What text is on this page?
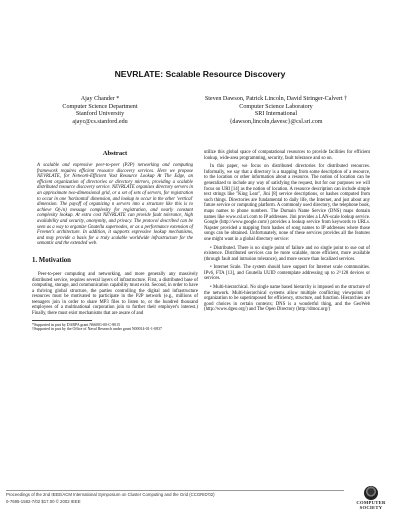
NEVRLATE: Scalable Resource Discovery
Ajay Chander *
Computer Science Department
Stanford University
ajayc@cs.stanford.edu
Steven Dawson, Patrick Lincoln, David Stringer-Calvert †
Computer Science Laboratory
SRI International
{dawson,lincoln,davesc}@csl.sri.com
Abstract
A scalable and expressive peer-to-peer (P2P) networking and computing framework requires efficient resource discovery services. Here we propose NEVRLATE, for Network-Efficient Vast Resource Lookup At The Edge, an efficient organization of directories or directory mirrors, providing a scalable distributed resource discovery service. NEVRLATE organizes directory servers in an approximate two-dimensional grid, or a set of sets of servers, for registration to occur in one 'horizontal' dimension, and lookup to occur in the other 'vertical' dimension. The payoff of organizing n servers into a structure like this is to achieve O(√n) message complexity for registration, and nearly constant complexity lookup. At extra cost NEVRLATE can provide fault tolerance, high availability and security, anonymity, and privacy. The protocol described can be seen as a way to organize Gnutella supernodes, or as a performance extension of Freenet's architecture. In addition, it supports expressive lookup mechanisms, and may provide a basis for a truly scalable worldwide infrastructure for the semantic and the extended web.
1. Motivation

Peer-to-peer computing and networking, and more generally any massively distributed service, requires several layers of infrastructure. First, a distributed base of computing, storage, and communication capability must exist. Second, in order to have a thriving global structure, the parties controlling the digital and infrastructure resources must be motivated to participate in the P2P network (e.g., millions of teenagers join in order to share MP3 files to listen to, or the hundred thousand employees of a multinational corporation join to further their employer's interest.) Finally, there must exist mechanisms that are aware of and

*Supported in part by DARPA grant N66001-00-C-8015
†Supported in part by the Office of Naval Research under grant N00014-01-1-0837

utilize this global space of computational resources to provide facilities for efficient lookup, wide-area programming, security, fault tolerance and so on.

In this paper, we focus on distributed directories for distributed resources. Informally, we say that a directory is a mapping from some description of a resource, to the location or other information about a resource. The notion of location can be generalized to include any way of satisfying the request, but for our purposes we will focus on URI [14] as the notion of location. A resource description can include simple text strings like "King Lear", Jini [8] service descriptions, or hashes computed from such things. Directories are fundamental to daily life, the Internet, and just about any future service or computing platform. A commonly used directory, the telephone book, maps names to phone numbers. The Domain Name Service (DNS) maps domain names like www.csl.sri.com to IP addresses. Jini provides a LAN-scale lookup service. Google (http://www.google.com/) provides a lookup service from keywords to URLs. Napster provided a mapping from hashes of song names to IP addresses where those songs can be obtained. Unfortunately, none of these services provides all the features one might want in a global directory service:

• Distributed. There is no single point of failure and no single point to sue out of existence. Distributed services can be more scalable, more efficient, more available (through fault and intrusion tolerance), and more secure than localized services.

• Internet Scale. The system should have support for Internet scale communities. IPv6, FTA [13], and Gnutella UUID contemplate addressing up to 2^128 devices or services.

• Multi-hierarchical. No single name based hierarchy is imposed on the structure of the network. Multi-hierarchical systems allow multiple conflicting viewpoints of organization to be superimposed for efficiency, structure, and function. Hierarchies are good choices in certain contexts; DNS is a wonderful thing, and the GeoWeb (http://www.dgeo.org/) and The Open Directory (http://dmoz.org/)

Proceedings of the 2nd IEEE/ACM International Symposium on Cluster Computing and the Grid (CCGRID'02)
0-7695-1582-7/02 $17.00 © 2002 IEEE	COMPUTER
SOCIETY
